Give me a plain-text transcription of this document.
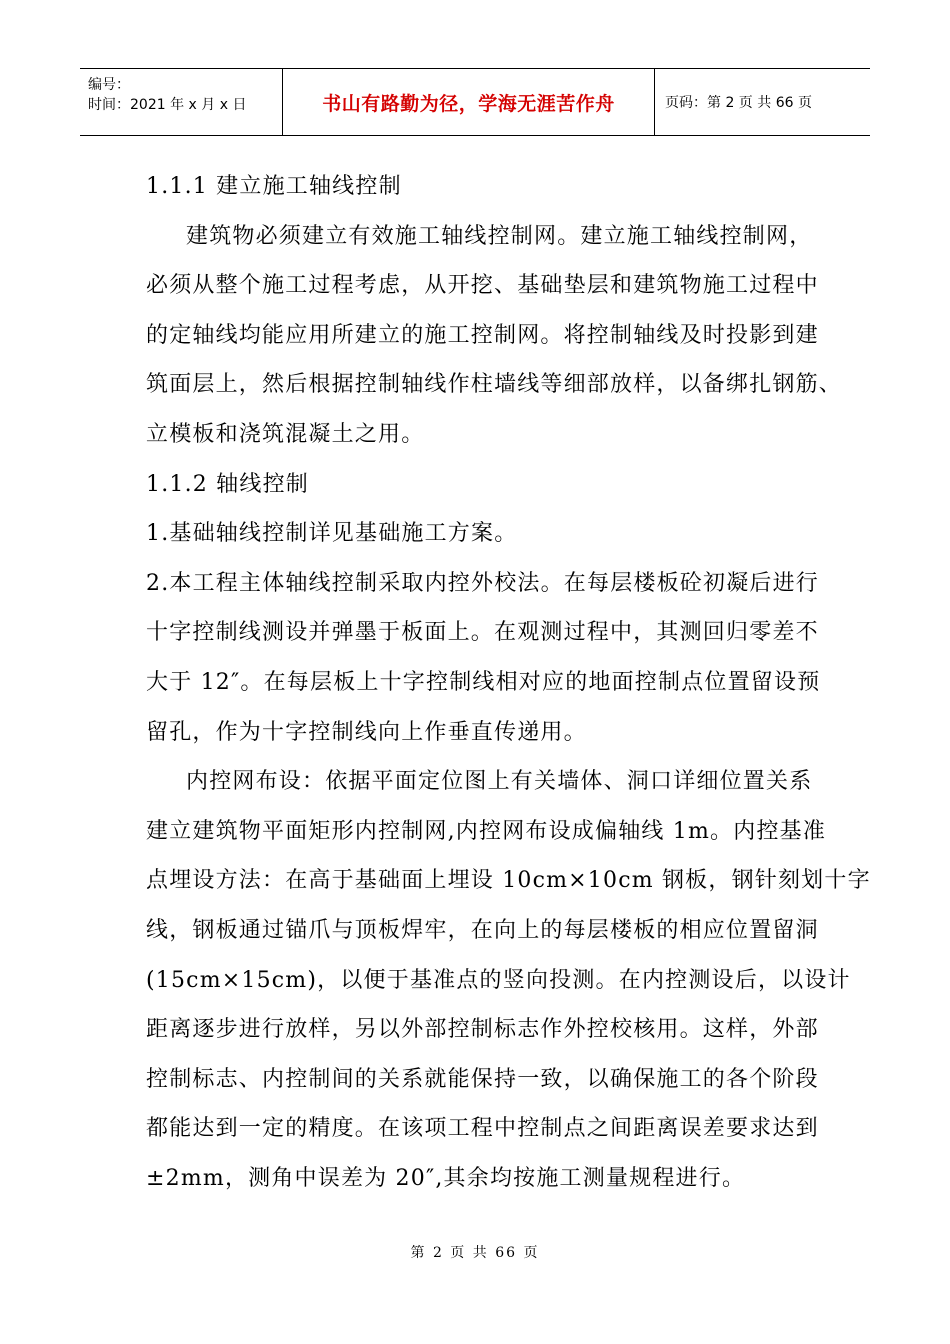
编号：
时间：2021 年 x 月 x 日	书山有路勤为径，学海无涯苦作舟	页码：第 2 页 共 66 页
1.1.1 建立施工轴线控制
建筑物必须建立有效施工轴线控制网。建立施工轴线控制网，
必须从整个施工过程考虑，从开挖、基础垫层和建筑物施工过程中
的定轴线均能应用所建立的施工控制网。将控制轴线及时投影到建
筑面层上，然后根据控制轴线作柱墙线等细部放样，以备绑扎钢筋、
立模板和浇筑混凝土之用。
1.1.2 轴线控制
1.基础轴线控制详见基础施工方案。
2.本工程主体轴线控制采取内控外校法。在每层楼板砼初凝后进行
十字控制线测设并弹墨于板面上。在观测过程中，其测回归零差不
大于 12″。在每层板上十字控制线相对应的地面控制点位置留设预
留孔，作为十字控制线向上作垂直传递用。
内控网布设：依据平面定位图上有关墙体、洞口详细位置关系
建立建筑物平面矩形内控制网,内控网布设成偏轴线 1m。内控基准
点埋设方法：在高于基础面上埋设 10cm×10cm 钢板，钢针刻划十字
线，钢板通过锚爪与顶板焊牢，在向上的每层楼板的相应位置留洞
(15cm×15cm)，以便于基准点的竖向投测。在内控测设后，以设计
距离逐步进行放样，另以外部控制标志作外控校核用。这样，外部
控制标志、内控制间的关系就能保持一致，以确保施工的各个阶段
都能达到一定的精度。在该项工程中控制点之间距离误差要求达到
±2mm，测角中误差为 20″,其余均按施工测量规程进行。
第 2 页 共 66 页
